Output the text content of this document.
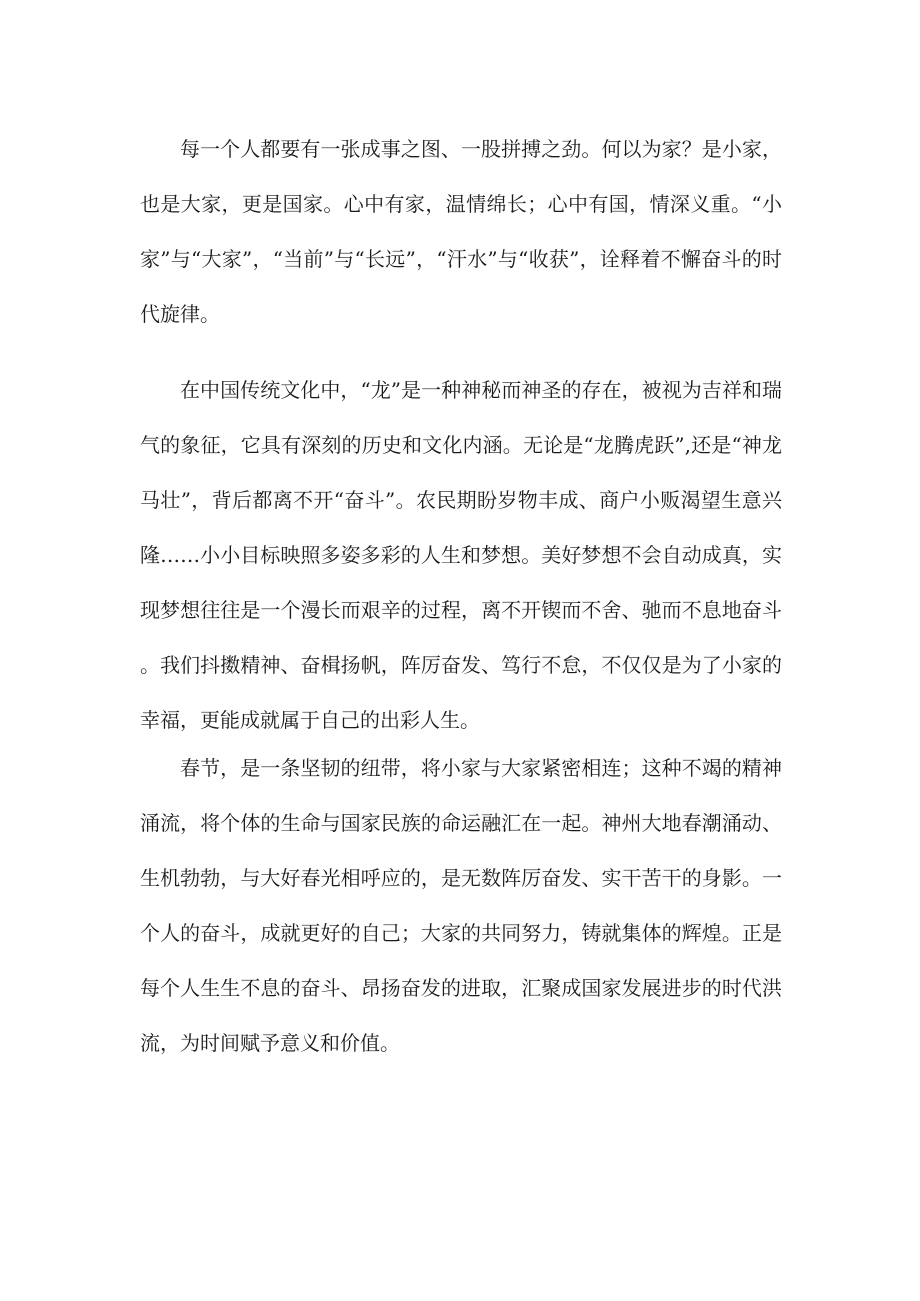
每一个人都要有一张成事之图、一股拼搏之劲。何以为家？是小家，也是大家，更是国家。心中有家，温情绵长；心中有国，情深义重。“小家”与“大家”，“当前”与“长远”，“汗水”与“收获”，诠释着不懈奋斗的时代旋律。

在中国传统文化中，“龙”是一种神秘而神圣的存在，被视为吉祥和瑞气的象征，它具有深刻的历史和文化内涵。无论是“龙腾虎跃”,还是“神龙马壮”，背后都离不开“奋斗”。农民期盼岁物丰成、商户小贩渴望生意兴隆……小小目标映照多姿多彩的人生和梦想。美好梦想不会自动成真，实现梦想往往是一个漫长而艰辛的过程，离不开锲而不舍、驰而不息地奋斗。我们抖擞精神、奋楫扬帆，阵厉奋发、笃行不怠，不仅仅是为了小家的幸福，更能成就属于自己的出彩人生。

春节，是一条坚韧的纽带，将小家与大家紧密相连；这种不竭的精神涌流，将个体的生命与国家民族的命运融汇在一起。神州大地春潮涌动、生机勃勃，与大好春光相呼应的，是无数阵厉奋发、实干苦干的身影。一个人的奋斗，成就更好的自己；大家的共同努力，铸就集体的辉煌。正是每个人生生不息的奋斗、昂扬奋发的进取，汇聚成国家发展进步的时代洪流，为时间赋予意义和价值。
